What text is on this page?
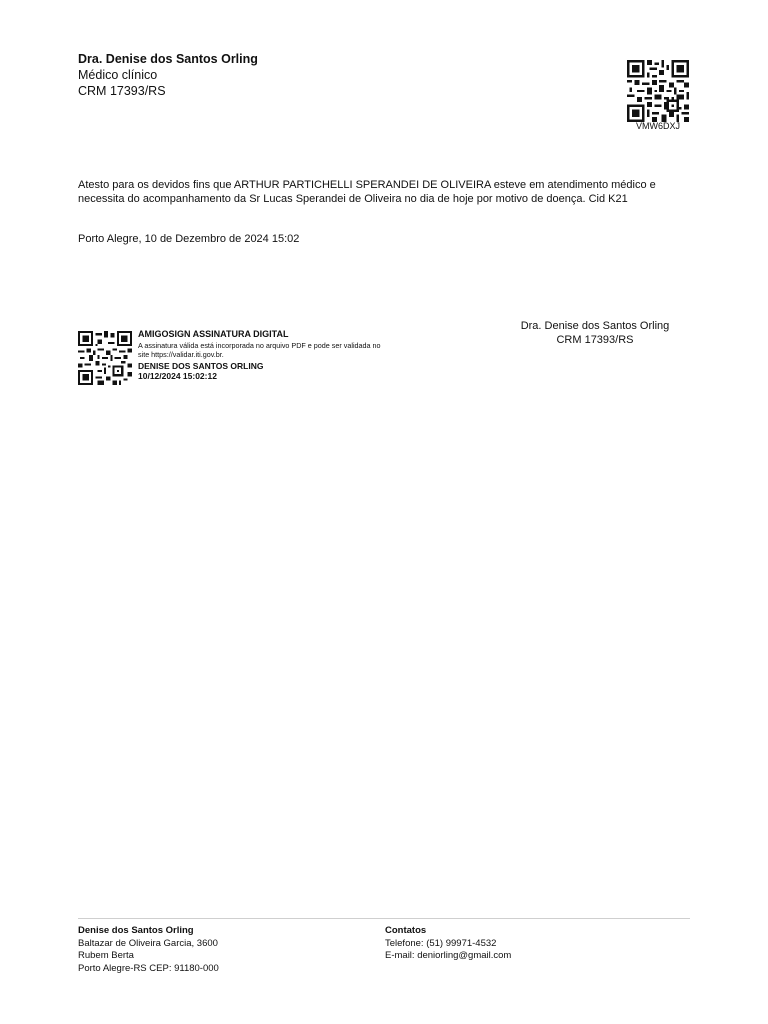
Dra. Denise dos Santos Orling
Médico clínico
CRM 17393/RS
VMW6DXJ
Atesto para os devidos fins que ARTHUR PARTICHELLI SPERANDEI DE OLIVEIRA esteve em atendimento médico e necessita do acompanhamento da Sr Lucas Sperandei de Oliveira no dia de hoje por motivo de doença. Cid K21
Porto Alegre, 10 de Dezembro de 2024 15:02
Dra. Denise dos Santos Orling
CRM 17393/RS
AMIGOSIGN ASSINATURA DIGITAL
A assinatura válida está incorporada no arquivo PDF e pode ser validada no site https://validar.iti.gov.br.
DENISE DOS SANTOS ORLING
10/12/2024 15:02:12
Denise dos Santos Orling
Baltazar de Oliveira Garcia, 3600
Rubem Berta
Porto Alegre-RS CEP: 91180-000
Contatos
Telefone: (51) 99971-4532
E-mail: deniorling@gmail.com
